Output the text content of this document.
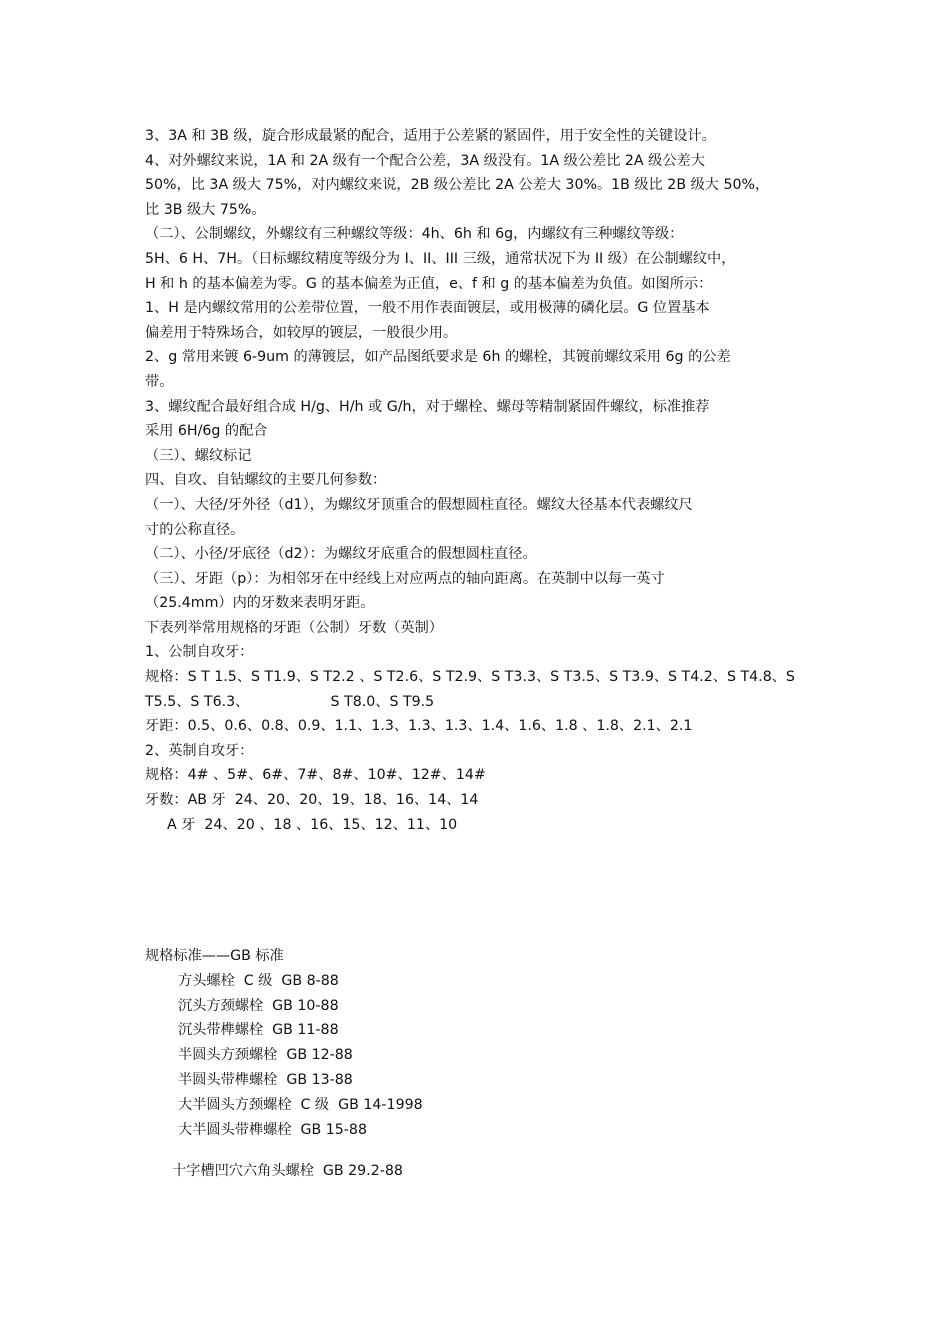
3、3A 和 3B 级，旋合形成最紧的配合，适用于公差紧的紧固件，用于安全性的关键设计。
4、对外螺纹来说，1A 和 2A 级有一个配合公差，3A 级没有。1A 级公差比 2A 级公差大
50%，比 3A 级大 75%，对内螺纹来说，2B 级公差比 2A 公差大 30%。1B 级比 2B 级大 50%，
比 3B 级大 75%。
（二）、公制螺纹，外螺纹有三种螺纹等级：4h、6h 和 6g，内螺纹有三种螺纹等级：
5H、6 H、7H。（日标螺纹精度等级分为 I、II、III 三级，通常状况下为 II 级）在公制螺纹中，
H 和 h 的基本偏差为零。G 的基本偏差为正值，e、f 和 g 的基本偏差为负值。如图所示：
1、H 是内螺纹常用的公差带位置，一般不用作表面镀层，或用极薄的磷化层。G 位置基本
偏差用于特殊场合，如较厚的镀层，一般很少用。
2、g 常用来镀 6-9um 的薄镀层，如产品图纸要求是 6h 的螺栓，其镀前螺纹采用 6g 的公差
带。
3、螺纹配合最好组合成 H/g、H/h 或 G/h，对于螺栓、螺母等精制紧固件螺纹，标准推荐
采用 6H/6g 的配合
（三）、螺纹标记
四、自攻、自钻螺纹的主要几何参数：
（一）、大径/牙外径（d1），为螺纹牙顶重合的假想圆柱直径。螺纹大径基本代表螺纹尺
寸的公称直径。
（二）、小径/牙底径（d2）：为螺纹牙底重合的假想圆柱直径。
（三）、牙距（p）：为相邻牙在中经线上对应两点的轴向距离。在英制中以每一英寸
（25.4mm）内的牙数来表明牙距。
下表列举常用规格的牙距（公制）牙数（英制）
1、公制自攻牙：
规格：S T 1.5、S T1.9、S T2.2 、S T2.6、S T2.9、S T3.3、S T3.5、S T3.9、S T4.2、S T4.8、S
T5.5、S T6.3、                  S T8.0、S T9.5
牙距：0.5、0.6、0.8、0.9、1.1、1.3、1.3、1.3、1.4、1.6、1.8 、1.8、2.1、2.1
2、英制自攻牙：
规格：4# 、5#、6#、7#、8#、10#、12#、14#
牙数：AB 牙  24、20、20、19、18、16、14、14
A 牙  24、20 、18 、16、15、12、11、10
规格标准——GB 标准
方头螺栓  C 级  GB 8-88
沉头方颈螺栓  GB 10-88
沉头带榫螺栓  GB 11-88
半圆头方颈螺栓  GB 12-88
半圆头带榫螺栓  GB 13-88
大半圆头方颈螺栓  C 级  GB 14-1998
大半圆头带榫螺栓  GB 15-88
十字槽凹穴六角头螺栓  GB 29.2-88
